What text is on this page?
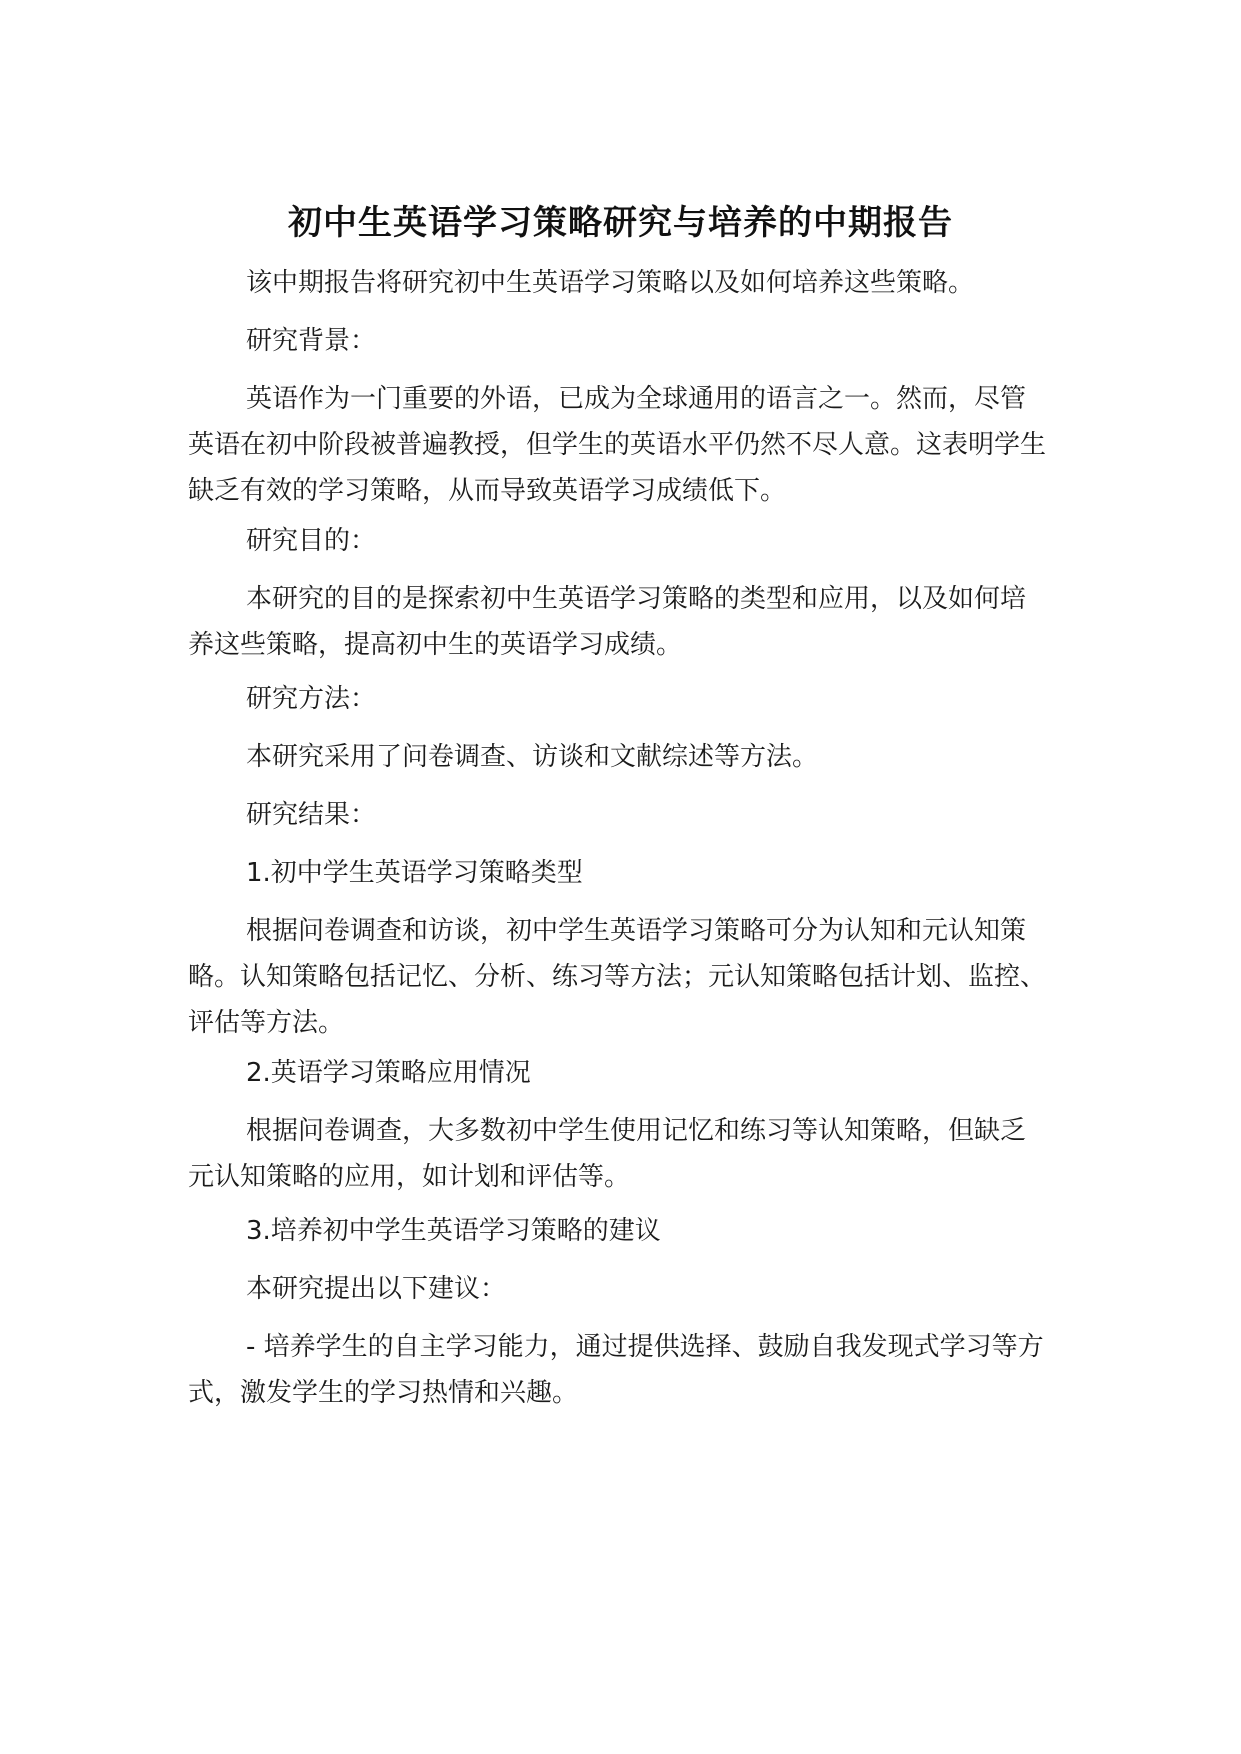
初中生英语学习策略研究与培养的中期报告

该中期报告将研究初中生英语学习策略以及如何培养这些策略。

研究背景：

英语作为一门重要的外语，已成为全球通用的语言之一。然而，尽管英语在初中阶段被普遍教授，但学生的英语水平仍然不尽人意。这表明学生缺乏有效的学习策略，从而导致英语学习成绩低下。

研究目的：

本研究的目的是探索初中生英语学习策略的类型和应用，以及如何培养这些策略，提高初中生的英语学习成绩。

研究方法：

本研究采用了问卷调查、访谈和文献综述等方法。

研究结果：

1.初中学生英语学习策略类型

根据问卷调查和访谈，初中学生英语学习策略可分为认知和元认知策略。认知策略包括记忆、分析、练习等方法；元认知策略包括计划、监控、评估等方法。

2.英语学习策略应用情况

根据问卷调查，大多数初中学生使用记忆和练习等认知策略，但缺乏元认知策略的应用，如计划和评估等。

3.培养初中学生英语学习策略的建议

本研究提出以下建议：

- 培养学生的自主学习能力，通过提供选择、鼓励自我发现式学习等方式，激发学生的学习热情和兴趣。
